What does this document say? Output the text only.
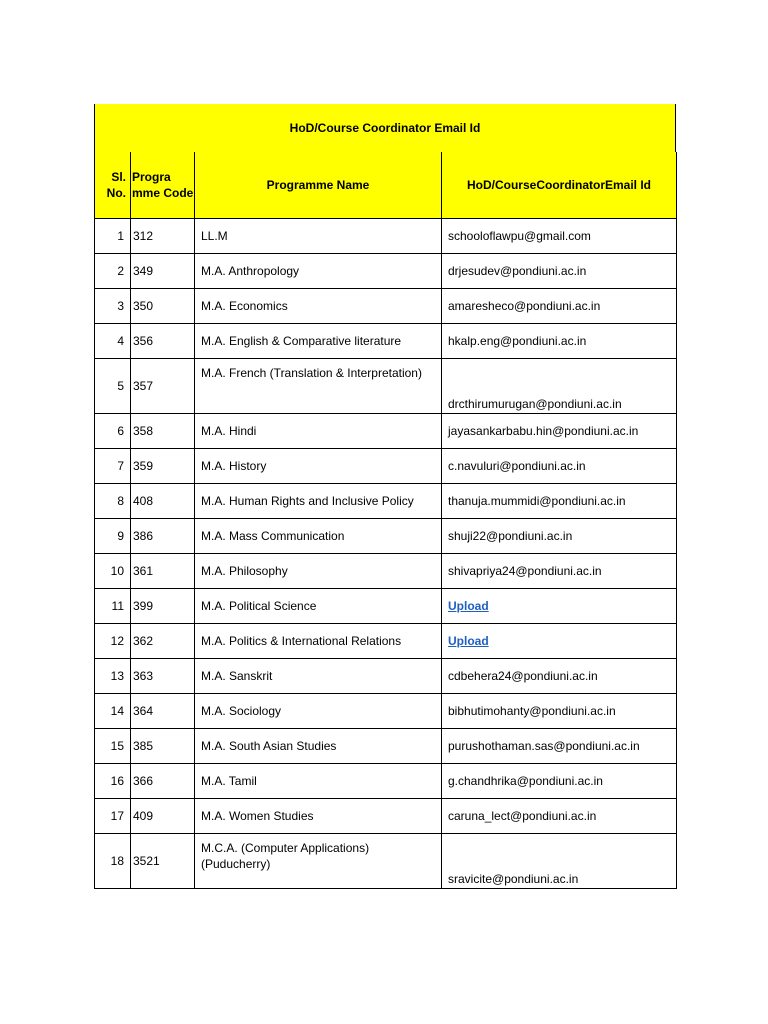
HoD/Course Coordinator Email Id
Sl. No.	Progra mme Code	Programme Name	HoD/CourseCoordinatorEmail Id
1	312	LL.M	schooloflawpu@gmail.com
2	349	M.A. Anthropology	drjesudev@pondiuni.ac.in
3	350	M.A. Economics	amaresheco@pondiuni.ac.in
4	356	M.A. English & Comparative literature	hkalp.eng@pondiuni.ac.in
5	357	M.A. French (Translation & Interpretation)	drcthirumurugan@pondiuni.ac.in
6	358	M.A. Hindi	jayasankarbabu.hin@pondiuni.ac.in
7	359	M.A. History	c.navuluri@pondiuni.ac.in
8	408	M.A. Human Rights and Inclusive Policy	thanuja.mummidi@pondiuni.ac.in
9	386	M.A. Mass Communication	shuji22@pondiuni.ac.in
10	361	M.A. Philosophy	shivapriya24@pondiuni.ac.in
11	399	M.A. Political Science	Upload
12	362	M.A. Politics & International Relations	Upload
13	363	M.A. Sanskrit	cdbehera24@pondiuni.ac.in
14	364	M.A. Sociology	bibhutimohanty@pondiuni.ac.in
15	385	M.A. South Asian Studies	purushothaman.sas@pondiuni.ac.in
16	366	M.A. Tamil	g.chandhrika@pondiuni.ac.in
17	409	M.A. Women Studies	caruna_lect@pondiuni.ac.in
18	3521	M.C.A. (Computer Applications) (Puducherry)	sravicite@pondiuni.ac.in
